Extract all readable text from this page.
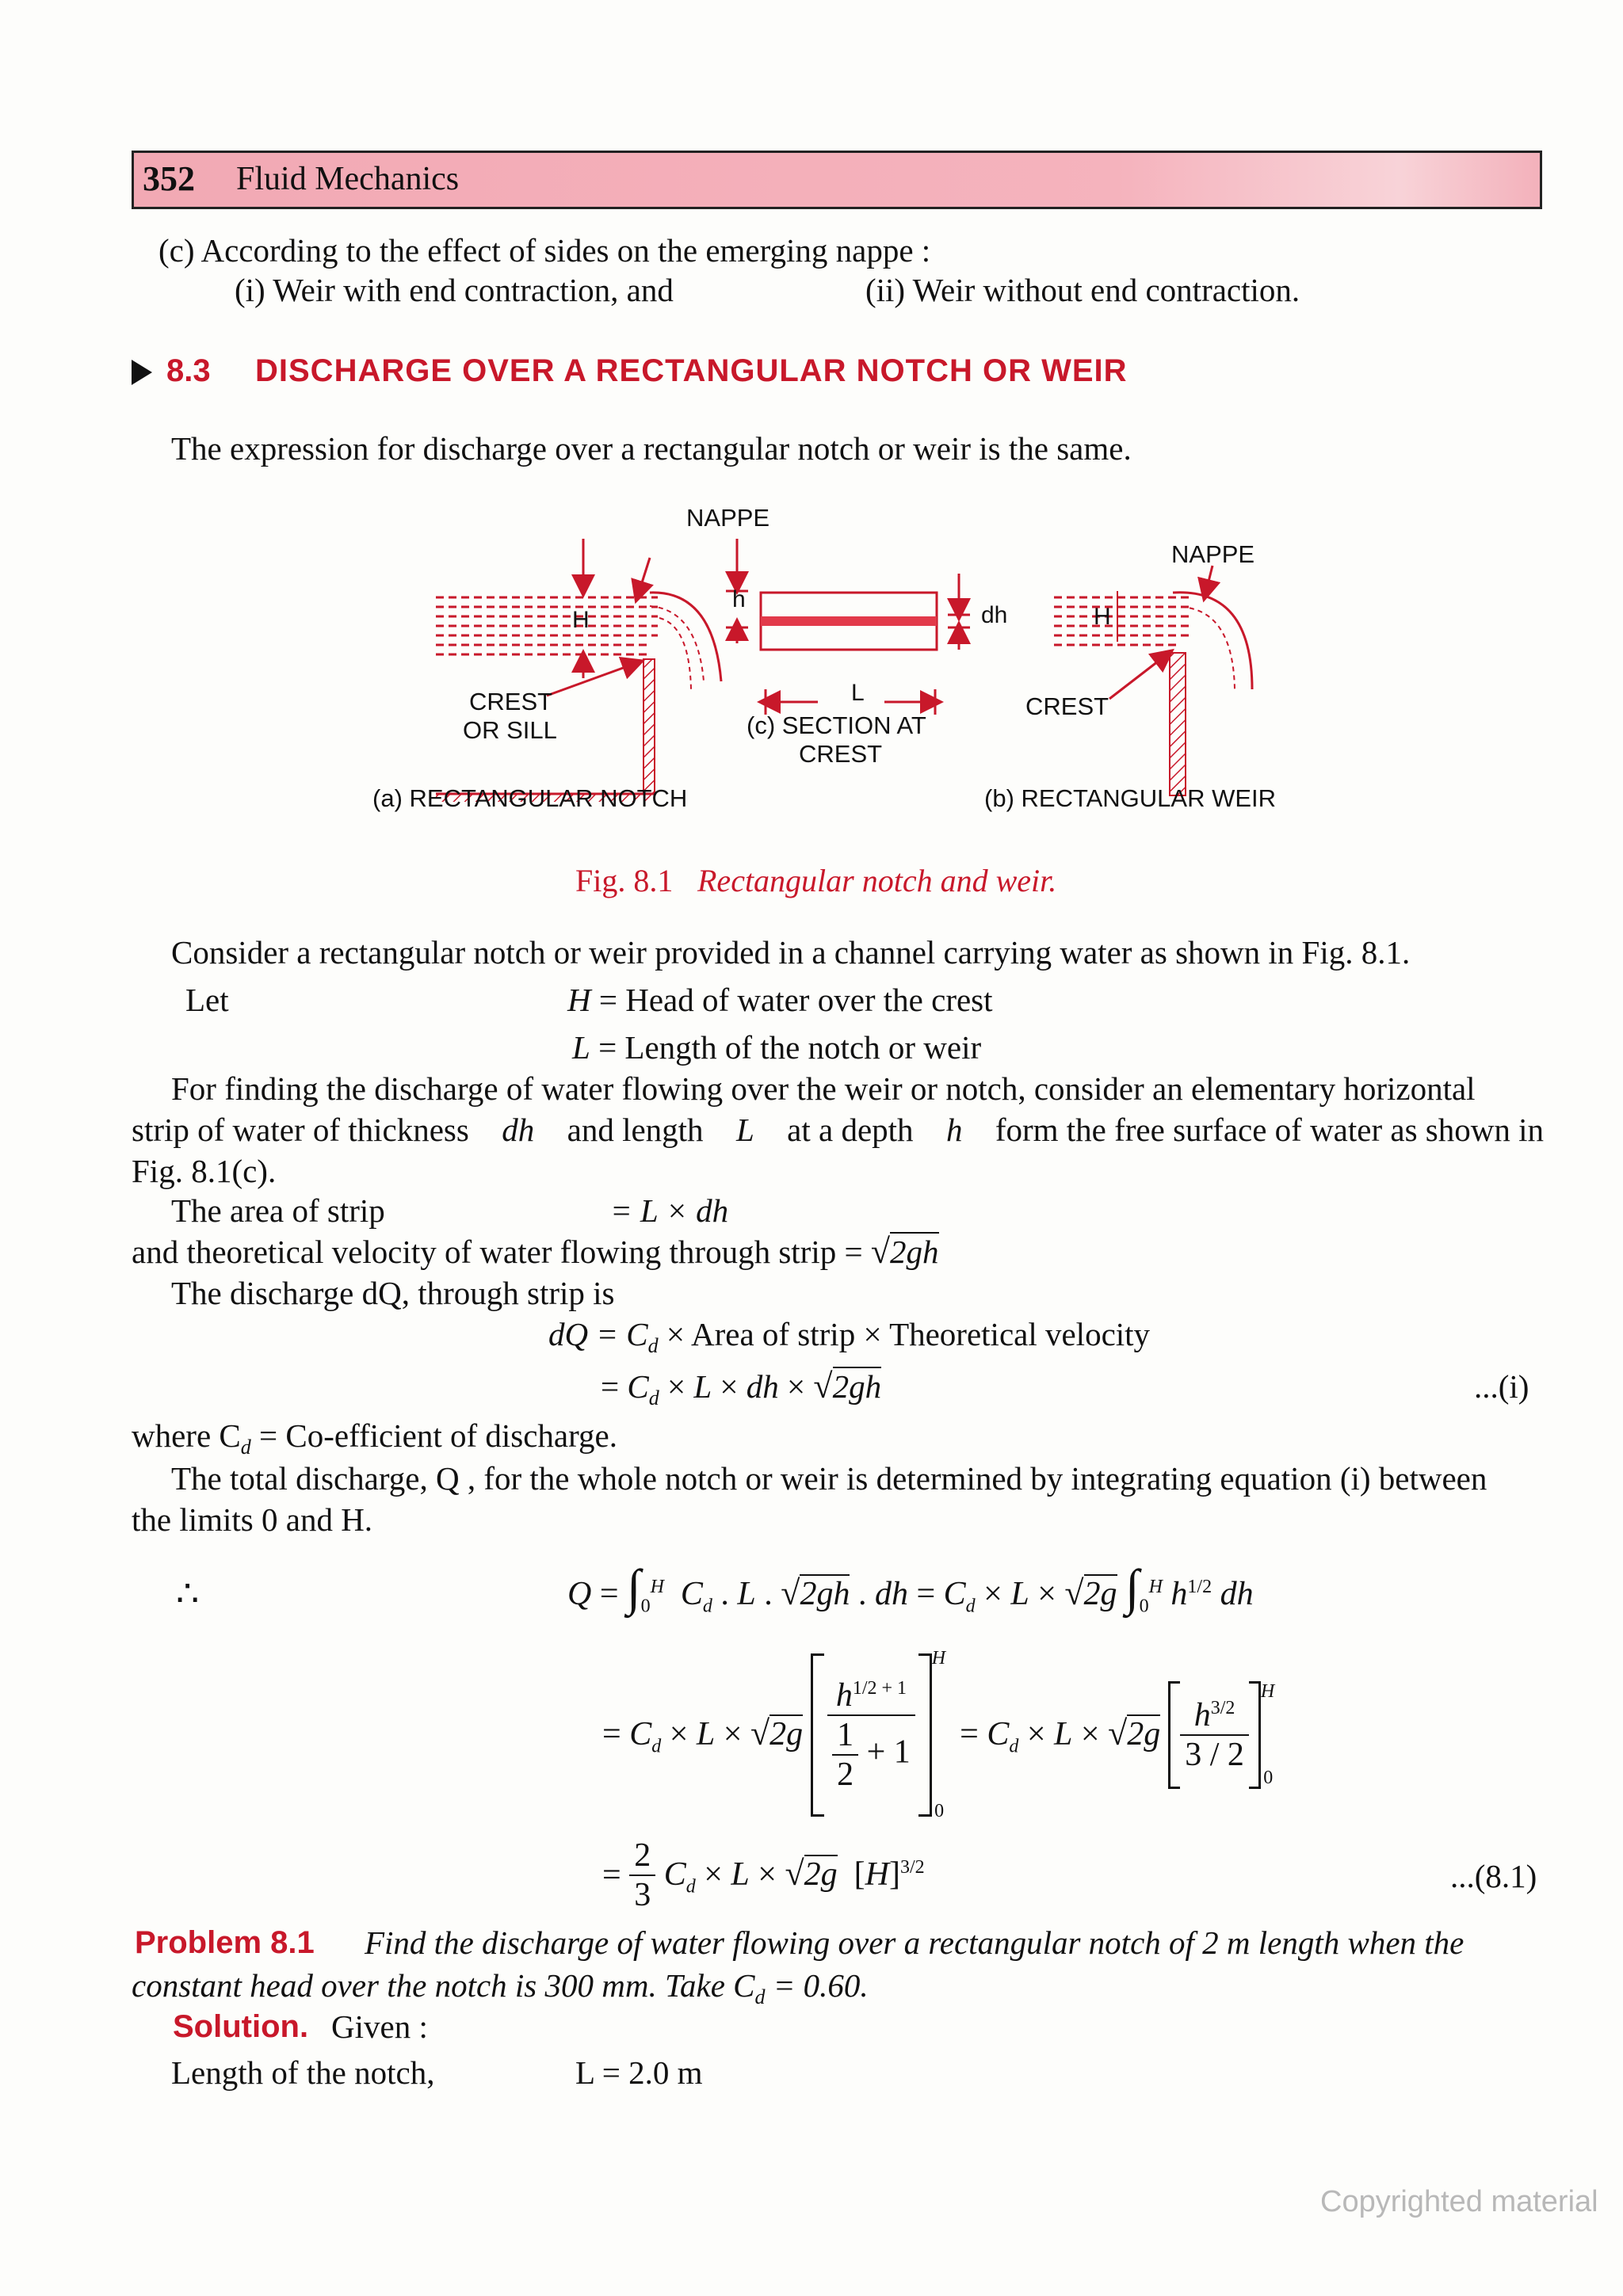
352 Fluid Mechanics
(c) According to the effect of sides on the emerging nappe :
(i) Weir with end contraction, and	(ii) Weir without end contraction.
8.3 DISCHARGE OVER A RECTANGULAR NOTCH OR WEIR
The expression for discharge over a rectangular notch or weir is the same.
NAPPE
NAPPE
h
H	H
dh
L
CREST
OR SILL
CREST
(c) SECTION AT
CREST
(a) RECTANGULAR NOTCH	(b) RECTANGULAR WEIR
Fig. 8.1 Rectangular notch and weir.
Consider a rectangular notch or weir provided in a channel carrying water as shown in Fig. 8.1.
Let	H = Head of water over the crest
L = Length of the notch or weir
For finding the discharge of water flowing over the weir or notch, consider an elementary horizontal
strip of water of thickness dh and length L at a depth h form the free surface of water as shown in
Fig. 8.1(c).
The area of strip	= L × dh
and theoretical velocity of water flowing through strip = √2gh
The discharge dQ, through strip is
dQ = $C_d$ × Area of strip × Theoretical velocity
= $C_d \times L$ × dh × √2gh	...(i)
where $C_d$ = Co-efficient of discharge.
The total discharge, Q , for the whole notch or weir is determined by integrating equation (i) between
the limits 0 and H.
∴	$Q = \int_0^H$ $C_d$ . L . √2gh . dh = $C_d \times L \times √2g$ $\int_0^H$ $h^{1/2}$ dh
= $C_d \times L \times √2g \frac{h^{1/2 + 1}}{\frac{1}{2} + 1}$
H
0
= $C_d \times L \times √2g \frac{h^{3/2}}{3 / 2}$
H
0
= $\frac{2}{3} C_d \times L \times √2g$  $[H]^{3/2}$	...(8.1)
Problem 8.1 Find the discharge of water flowing over a rectangular notch of 2 m length when the
constant head over the notch is 300 mm. Take $C_d = 0.60$.
Solution. Given :
Length of the notch,	L = 2.0 m
Copyrighted material
